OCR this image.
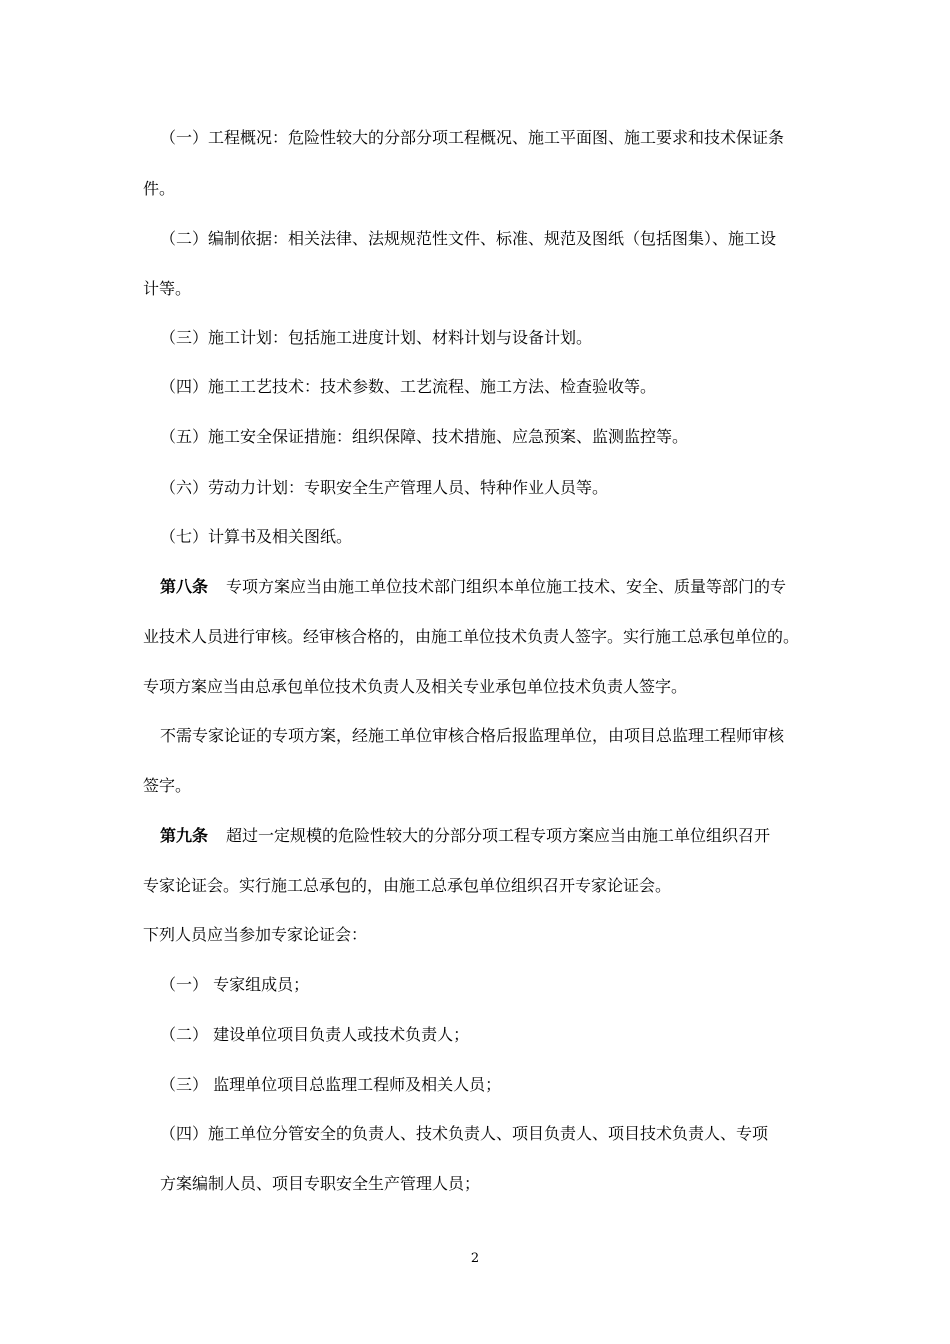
（一）工程概况：危险性较大的分部分项工程概况、施工平面图、施工要求和技术保证条
件。
（二）编制依据：相关法律、法规规范性文件、标准、规范及图纸（包括图集）、施工设
计等。
（三）施工计划：包括施工进度计划、材料计划与设备计划。
（四）施工工艺技术：技术参数、工艺流程、施工方法、检查验收等。
（五）施工安全保证措施：组织保障、技术措施、应急预案、监测监控等。
（六）劳动力计划：专职安全生产管理人员、特种作业人员等。
（七）计算书及相关图纸。
第八条 专项方案应当由施工单位技术部门组织本单位施工技术、安全、质量等部门的专
业技术人员进行审核。经审核合格的，由施工单位技术负责人签字。实行施工总承包单位的。
专项方案应当由总承包单位技术负责人及相关专业承包单位技术负责人签字。
不需专家论证的专项方案，经施工单位审核合格后报监理单位，由项目总监理工程师审核
签字。
第九条 超过一定规模的危险性较大的分部分项工程专项方案应当由施工单位组织召开
专家论证会。实行施工总承包的，由施工总承包单位组织召开专家论证会。
下列人员应当参加专家论证会：
（一） 专家组成员；
（二） 建设单位项目负责人或技术负责人；
（三） 监理单位项目总监理工程师及相关人员；
（四）施工单位分管安全的负责人、技术负责人、项目负责人、项目技术负责人、专项
方案编制人员、项目专职安全生产管理人员；
2
